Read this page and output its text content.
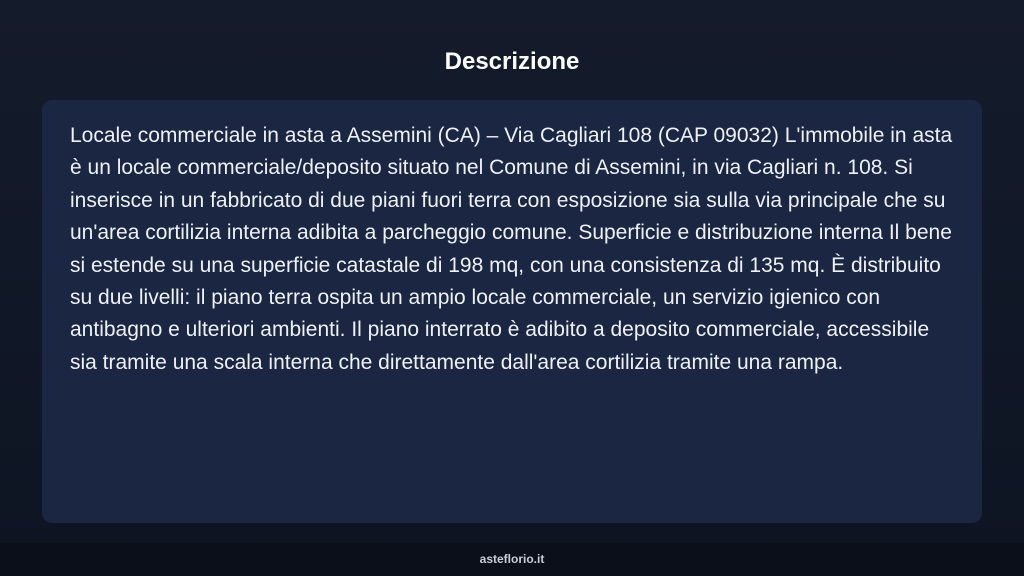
Descrizione

Locale commerciale in asta a Assemini (CA) – Via Cagliari 108 (CAP 09032) L'immobile in asta è un locale commerciale/deposito situato nel Comune di Assemini, in via Cagliari n. 108. Si inserisce in un fabbricato di due piani fuori terra con esposizione sia sulla via principale che su un'area cortilizia interna adibita a parcheggio comune. Superficie e distribuzione interna Il bene si estende su una superficie catastale di 198 mq, con una consistenza di 135 mq. È distribuito su due livelli: il piano terra ospita un ampio locale commerciale, un servizio igienico con antibagno e ulteriori ambienti. Il piano interrato è adibito a deposito commerciale, accessibile sia tramite una scala interna che direttamente dall'area cortilizia tramite una rampa.

asteflorio.it
